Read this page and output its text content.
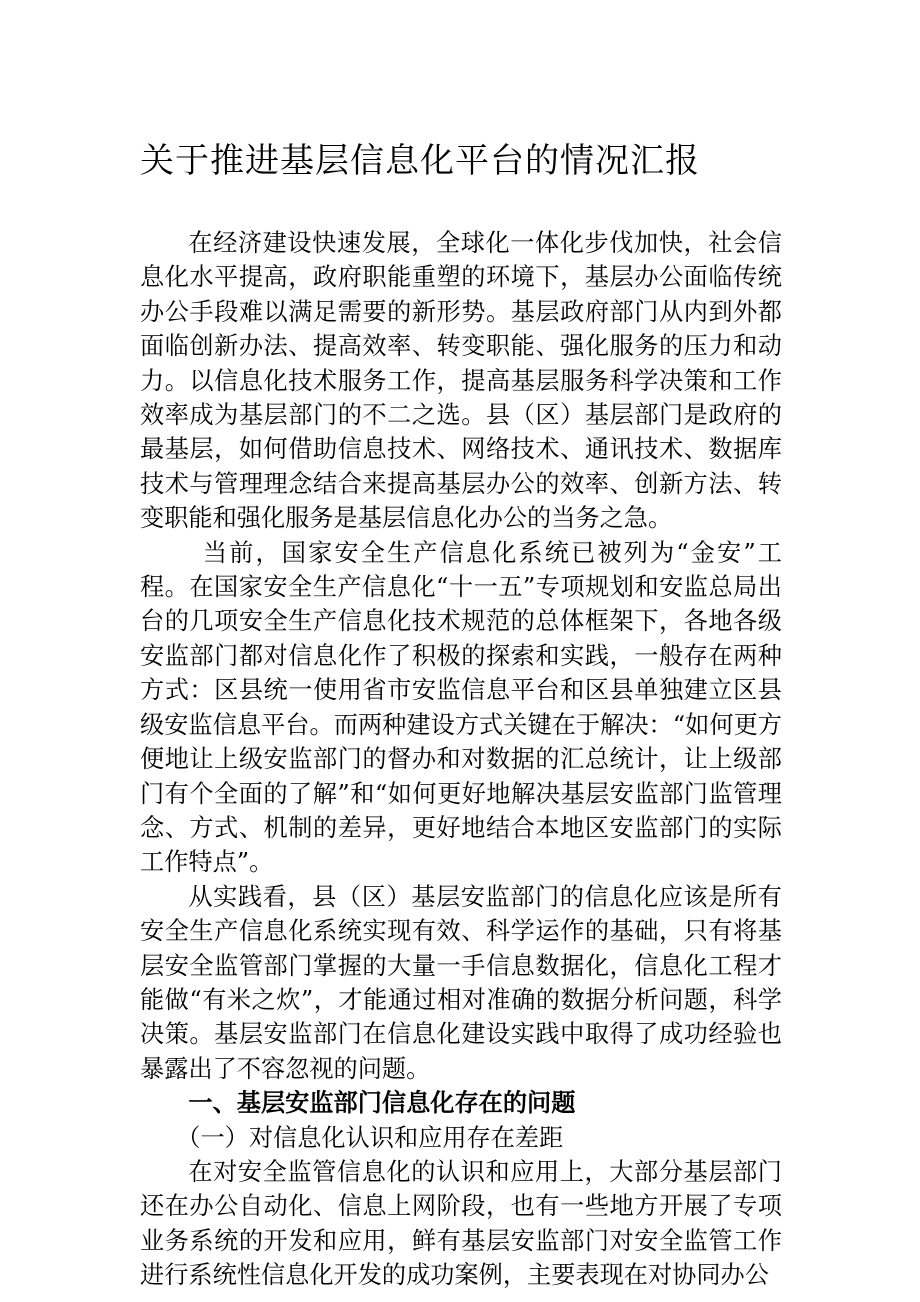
关于推进基层信息化平台的情况汇报

在经济建设快速发展，全球化一体化步伐加快，社会信息化水平提高，政府职能重塑的环境下，基层办公面临传统办公手段难以满足需要的新形势。基层政府部门从内到外都面临创新办法、提高效率、转变职能、强化服务的压力和动力。以信息化技术服务工作，提高基层服务科学决策和工作效率成为基层部门的不二之选。县（区）基层部门是政府的最基层，如何借助信息技术、网络技术、通讯技术、数据库技术与管理理念结合来提高基层办公的效率、创新方法、转变职能和强化服务是基层信息化办公的当务之急。

当前，国家安全生产信息化系统已被列为“金安”工程。在国家安全生产信息化“十一五”专项规划和安监总局出台的几项安全生产信息化技术规范的总体框架下，各地各级安监部门都对信息化作了积极的探索和实践，一般存在两种方式：区县统一使用省市安监信息平台和区县单独建立区县级安监信息平台。而两种建设方式关键在于解决：“如何更方便地让上级安监部门的督办和对数据的汇总统计，让上级部门有个全面的了解”和“如何更好地解决基层安监部门监管理念、方式、机制的差异，更好地结合本地区安监部门的实际工作特点”。

从实践看，县（区）基层安监部门的信息化应该是所有安全生产信息化系统实现有效、科学运作的基础，只有将基层安全监管部门掌握的大量一手信息数据化，信息化工程才能做“有米之炊”，才能通过相对准确的数据分析问题，科学决策。基层安监部门在信息化建设实践中取得了成功经验也暴露出了不容忽视的问题。

一、基层安监部门信息化存在的问题

（一）对信息化认识和应用存在差距

在对安全监管信息化的认识和应用上，大部分基层部门还在办公自动化、信息上网阶段，也有一些地方开展了专项业务系统的开发和应用，鲜有基层安监部门对安全监管工作进行系统性信息化开发的成功案例，主要表现在对协同办公
